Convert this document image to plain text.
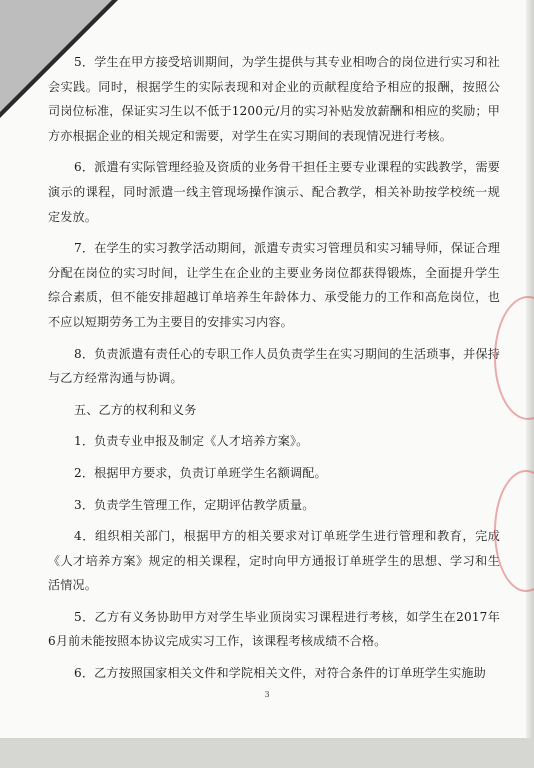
5．学生在甲方接受培训期间，为学生提供与其专业相吻合的岗位进行实习和社会实践。同时，根据学生的实际表现和对企业的贡献程度给予相应的报酬，按照公司岗位标准，保证实习生以不低于1200元/月的实习补贴发放薪酬和相应的奖励；甲方亦根据企业的相关规定和需要，对学生在实习期间的表现情况进行考核。

6．派遣有实际管理经验及资质的业务骨干担任主要专业课程的实践教学，需要演示的课程，同时派遣一线主管现场操作演示、配合教学，相关补助按学校统一规定发放。

7．在学生的实习教学活动期间，派遣专责实习管理员和实习辅导师，保证合理分配在岗位的实习时间，让学生在企业的主要业务岗位都获得锻炼，全面提升学生综合素质，但不能安排超越订单培养生年龄体力、承受能力的工作和高危岗位，也不应以短期劳务工为主要目的安排实习内容。

8．负责派遣有责任心的专职工作人员负责学生在实习期间的生活琐事，并保持与乙方经常沟通与协调。

五、乙方的权利和义务

1．负责专业申报及制定《人才培养方案》。

2．根据甲方要求，负责订单班学生名额调配。

3．负责学生管理工作，定期评估教学质量。

4．组织相关部门，根据甲方的相关要求对订单班学生进行管理和教育，完成《人才培养方案》规定的相关课程，定时向甲方通报订单班学生的思想、学习和生活情况。

5．乙方有义务协助甲方对学生毕业顶岗实习课程进行考核，如学生在2017年6月前未能按照本协议完成实习工作，该课程考核成绩不合格。

6．乙方按照国家相关文件和学院相关文件，对符合条件的订单班学生实施助

3
